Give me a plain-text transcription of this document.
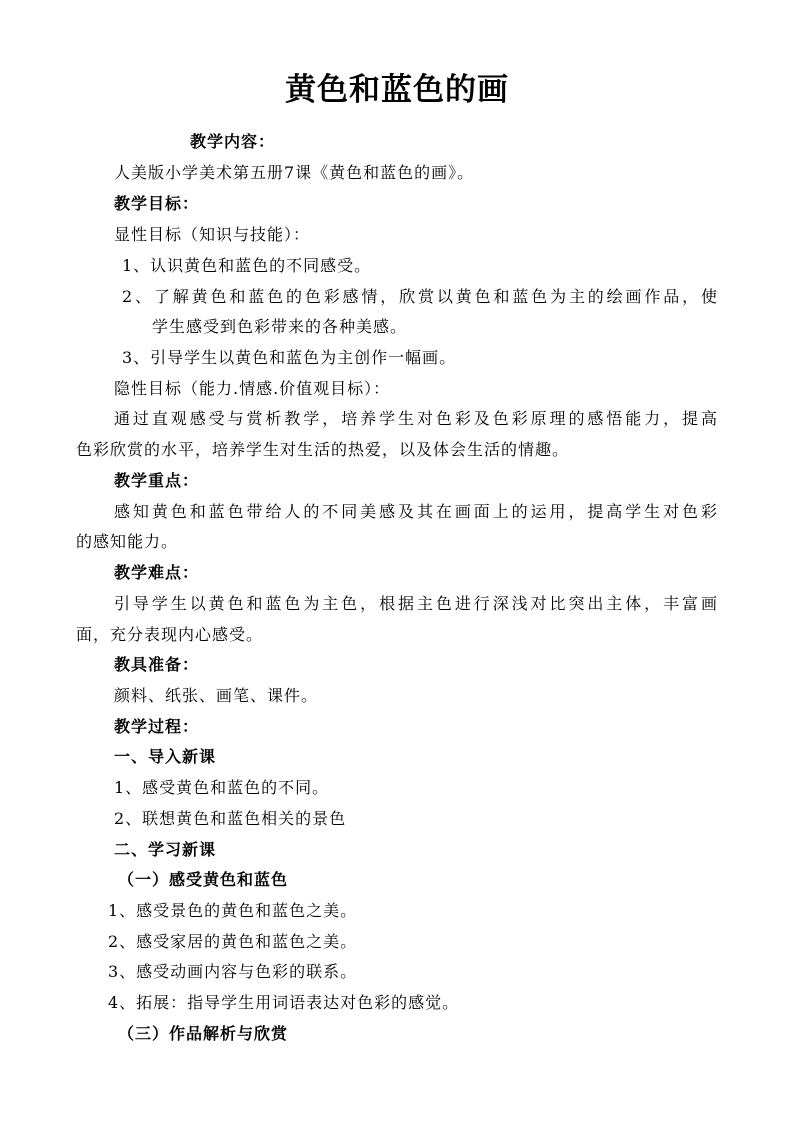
黄色和蓝色的画
教学内容：
人美版小学美术第五册7课《黄色和蓝色的画》。
教学目标：
显性目标（知识与技能）：
1、认识黄色和蓝色的不同感受。
2、了解黄色和蓝色的色彩感情，欣赏以黄色和蓝色为主的绘画作品，使
学生感受到色彩带来的各种美感。
3、引导学生以黄色和蓝色为主创作一幅画。
隐性目标（能力.情感.价值观目标）：
通过直观感受与赏析教学，培养学生对色彩及色彩原理的感悟能力，提高
色彩欣赏的水平，培养学生对生活的热爱，以及体会生活的情趣。
教学重点：
感知黄色和蓝色带给人的不同美感及其在画面上的运用，提高学生对色彩
的感知能力。
教学难点：
引导学生以黄色和蓝色为主色，根据主色进行深浅对比突出主体，丰富画
面，充分表现内心感受。
教具准备：
颜料、纸张、画笔、课件。
教学过程：
一、导入新课
1、感受黄色和蓝色的不同。
2、联想黄色和蓝色相关的景色
二、学习新课
（一）感受黄色和蓝色
1、感受景色的黄色和蓝色之美。
2、感受家居的黄色和蓝色之美。
3、感受动画内容与色彩的联系。
4、拓展：指导学生用词语表达对色彩的感觉。
（三）作品解析与欣赏
